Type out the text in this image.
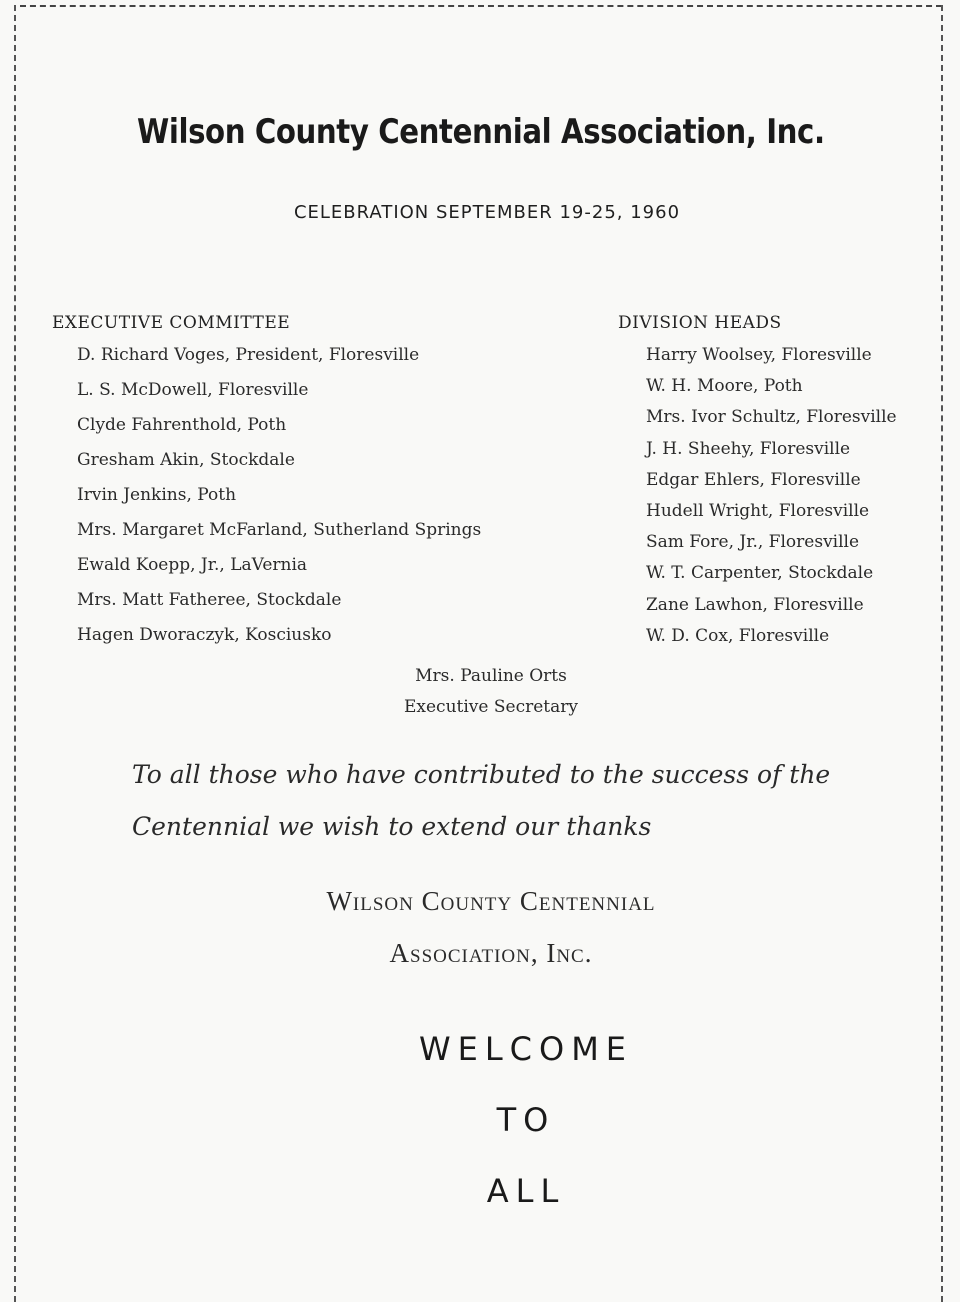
Wilson County Centennial Association, Inc.
CELEBRATION SEPTEMBER 19-25, 1960
EXECUTIVE COMMITTEE
D. Richard Voges, President, Floresville
L. S. McDowell, Floresville
Clyde Fahrenthold, Poth
Gresham Akin, Stockdale
Irvin Jenkins, Poth
Mrs. Margaret McFarland, Sutherland Springs
Ewald Koepp, Jr., LaVernia
Mrs. Matt Fatheree, Stockdale
Hagen Dworaczyk, Kosciusko
DIVISION HEADS
Harry Woolsey, Floresville
W. H. Moore, Poth
Mrs. Ivor Schultz, Floresville
J. H. Sheehy, Floresville
Edgar Ehlers, Floresville
Hudell Wright, Floresville
Sam Fore, Jr., Floresville
W. T. Carpenter, Stockdale
Zane Lawhon, Floresville
W. D. Cox, Floresville
Mrs. Pauline Orts
Executive Secretary
To all those who have contributed to the success of the
Centennial we wish to extend our thanks
Wilson County Centennial
Association, Inc.
WELCOME
TO
ALL
